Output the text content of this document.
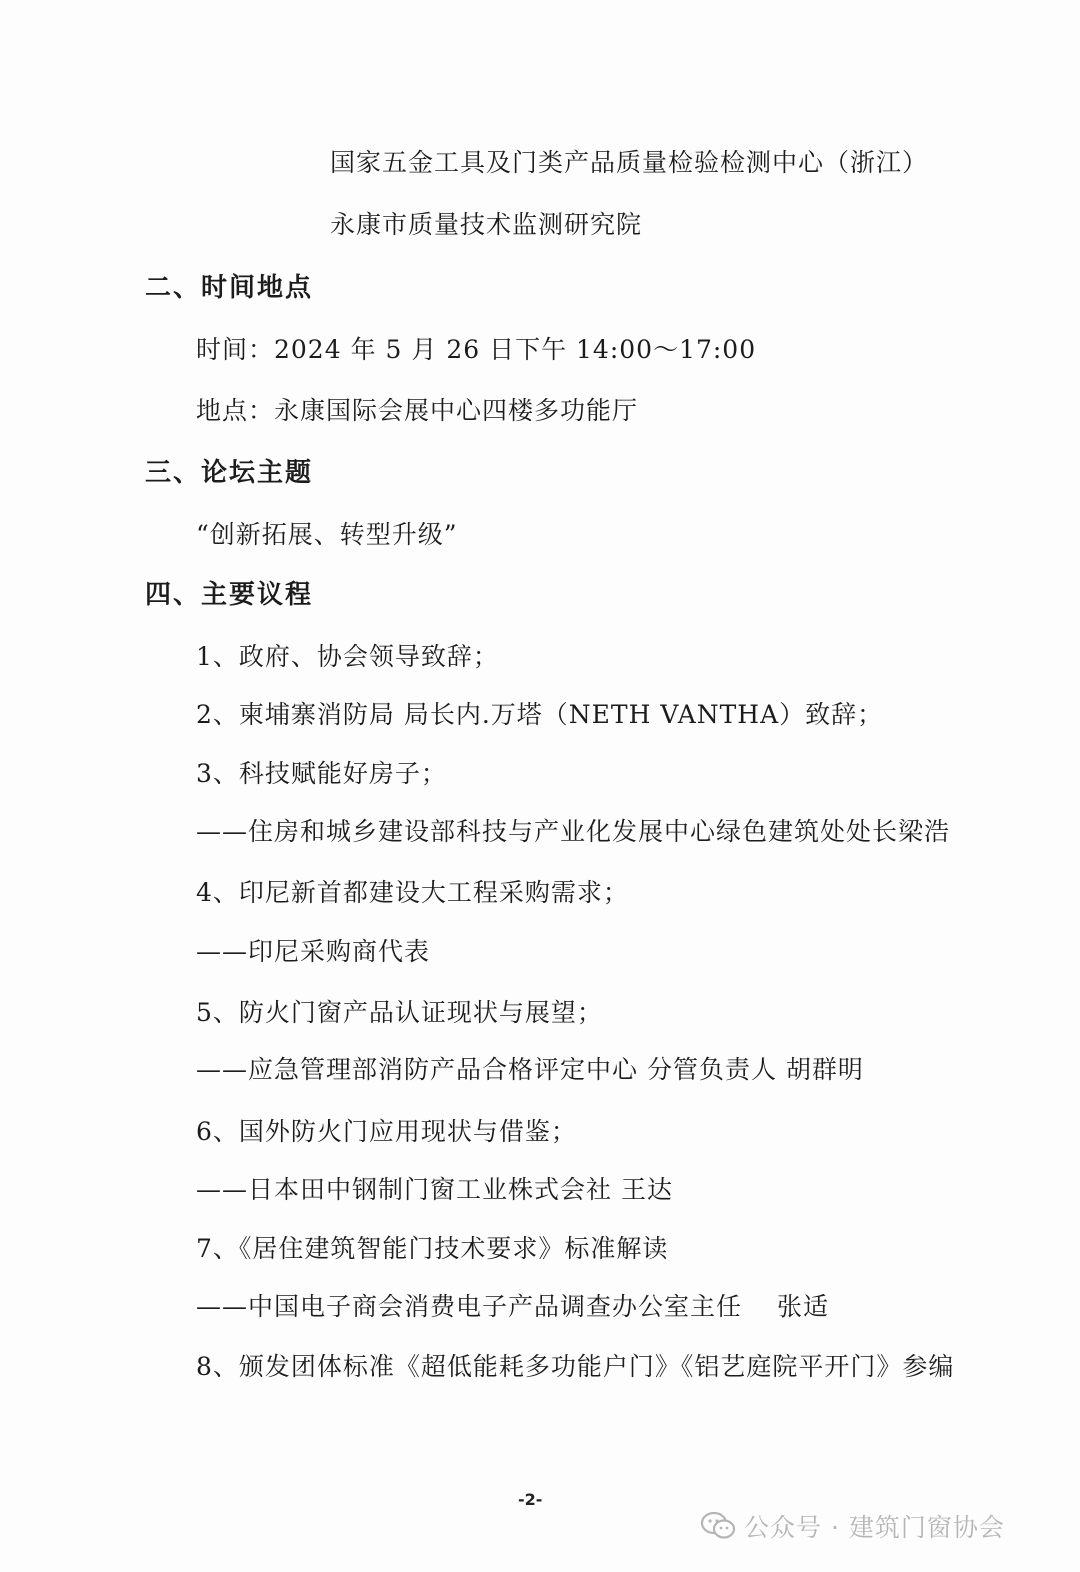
国家五金工具及门类产品质量检验检测中心（浙江）
永康市质量技术监测研究院
二、时间地点
时间：2024 年 5 月 26 日下午 14:00～17:00
地点：永康国际会展中心四楼多功能厅
三、论坛主题
“创新拓展、转型升级”
四、主要议程
1、政府、协会领导致辞；
2、柬埔寨消防局 局长内.万塔（NETH VANTHA）致辞；
3、科技赋能好房子；
——住房和城乡建设部科技与产业化发展中心绿色建筑处处长梁浩
4、印尼新首都建设大工程采购需求；
——印尼采购商代表
5、防火门窗产品认证现状与展望；
——应急管理部消防产品合格评定中心 分管负责人 胡群明
6、国外防火门应用现状与借鉴；
——日本田中钢制门窗工业株式会社 王达
7、《居住建筑智能门技术要求》标准解读
——中国电子商会消费电子产品调查办公室主任　 张适
8、颁发团体标准《超低能耗多功能户门》《铝艺庭院平开门》参编
-2-
公众号 · 建筑门窗协会
